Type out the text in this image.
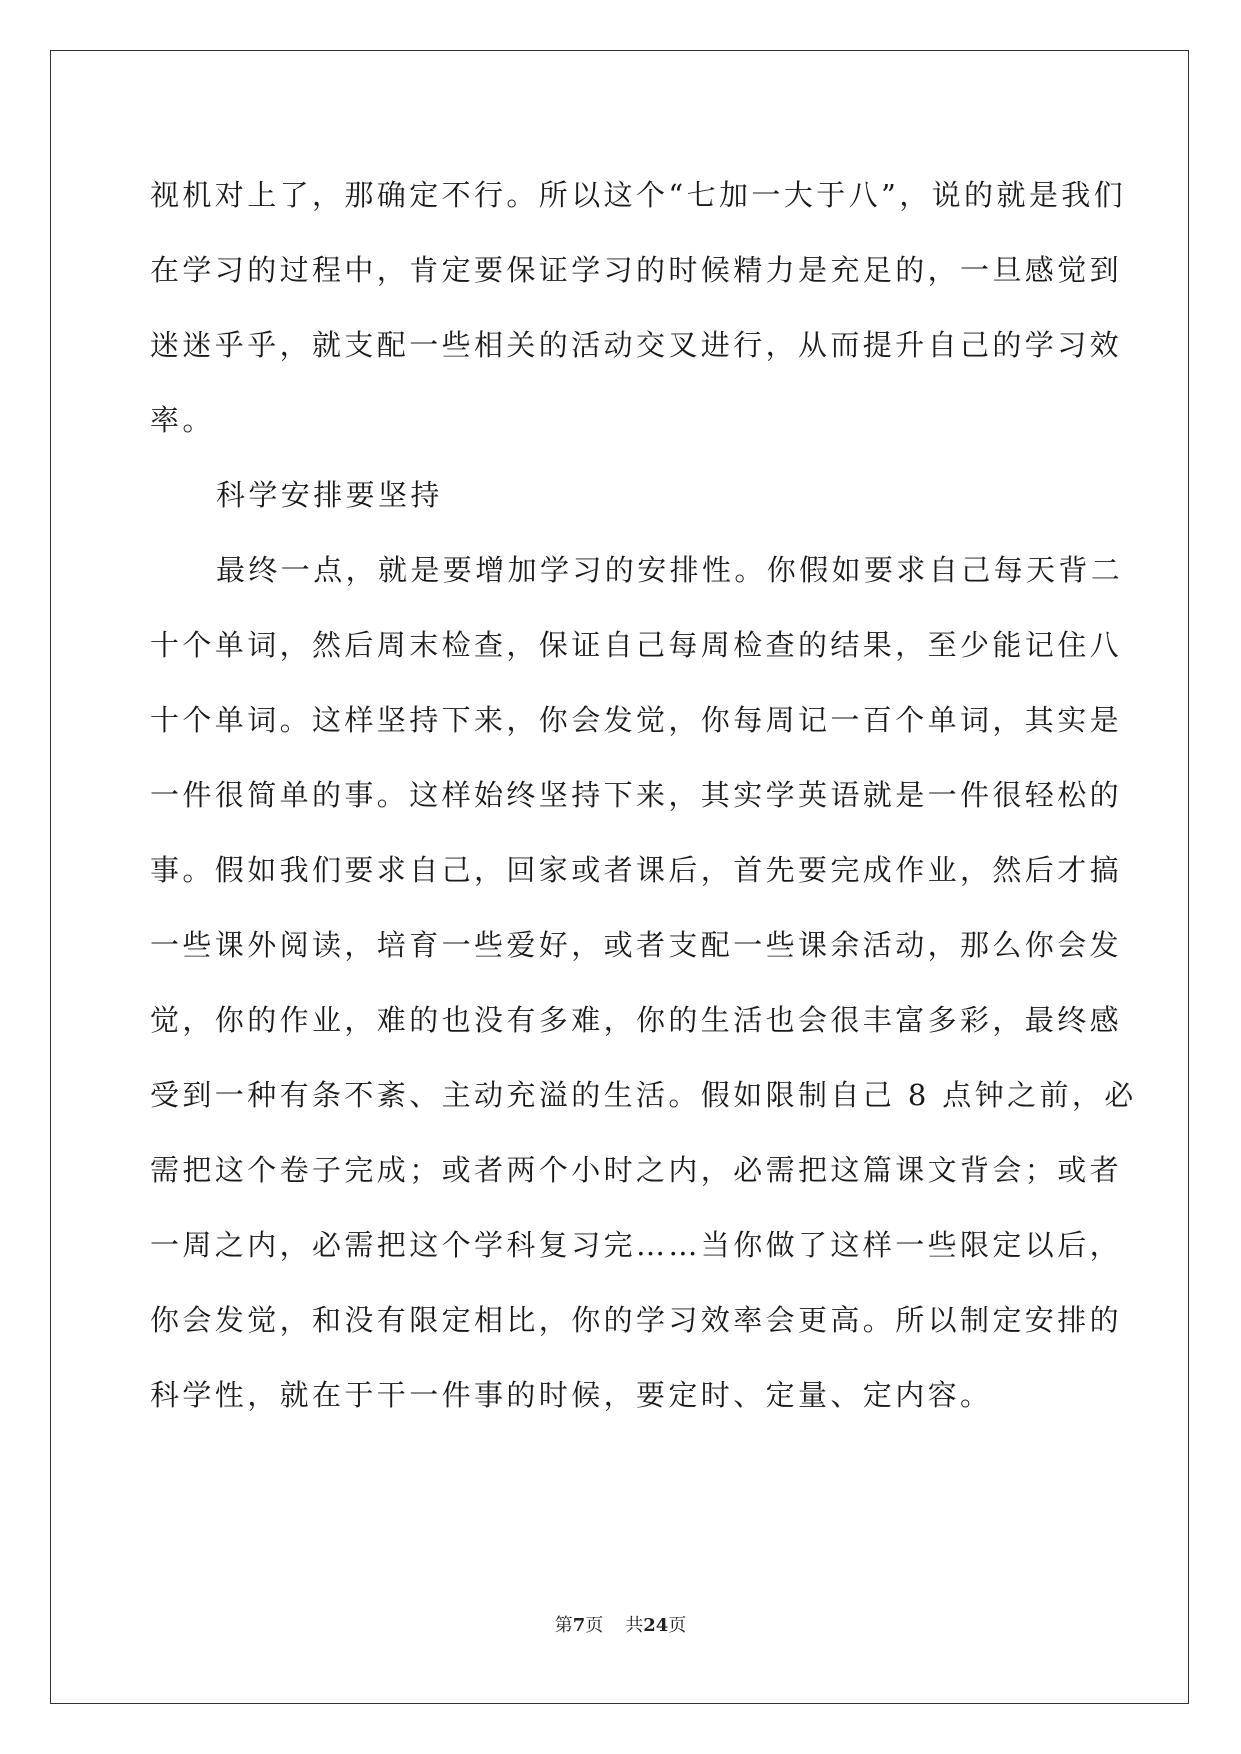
视机对上了，那确定不行。所以这个“七加一大于八”，说的就是我们
在学习的过程中，肯定要保证学习的时候精力是充足的，一旦感觉到
迷迷乎乎，就支配一些相关的活动交叉进行，从而提升自己的学习效
率。
科学安排要坚持
最终一点，就是要增加学习的安排性。你假如要求自己每天背二
十个单词，然后周末检查，保证自己每周检查的结果，至少能记住八
十个单词。这样坚持下来，你会发觉，你每周记一百个单词，其实是
一件很简单的事。这样始终坚持下来，其实学英语就是一件很轻松的
事。假如我们要求自己，回家或者课后，首先要完成作业，然后才搞
一些课外阅读，培育一些爱好，或者支配一些课余活动，那么你会发
觉，你的作业，难的也没有多难，你的生活也会很丰富多彩，最终感
受到一种有条不紊、主动充溢的生活。假如限制自己 8 点钟之前，必
需把这个卷子完成；或者两个小时之内，必需把这篇课文背会；或者
一周之内，必需把这个学科复习完……当你做了这样一些限定以后，
你会发觉，和没有限定相比，你的学习效率会更高。所以制定安排的
科学性，就在于干一件事的时候，要定时、定量、定内容。
第7页 共24页
